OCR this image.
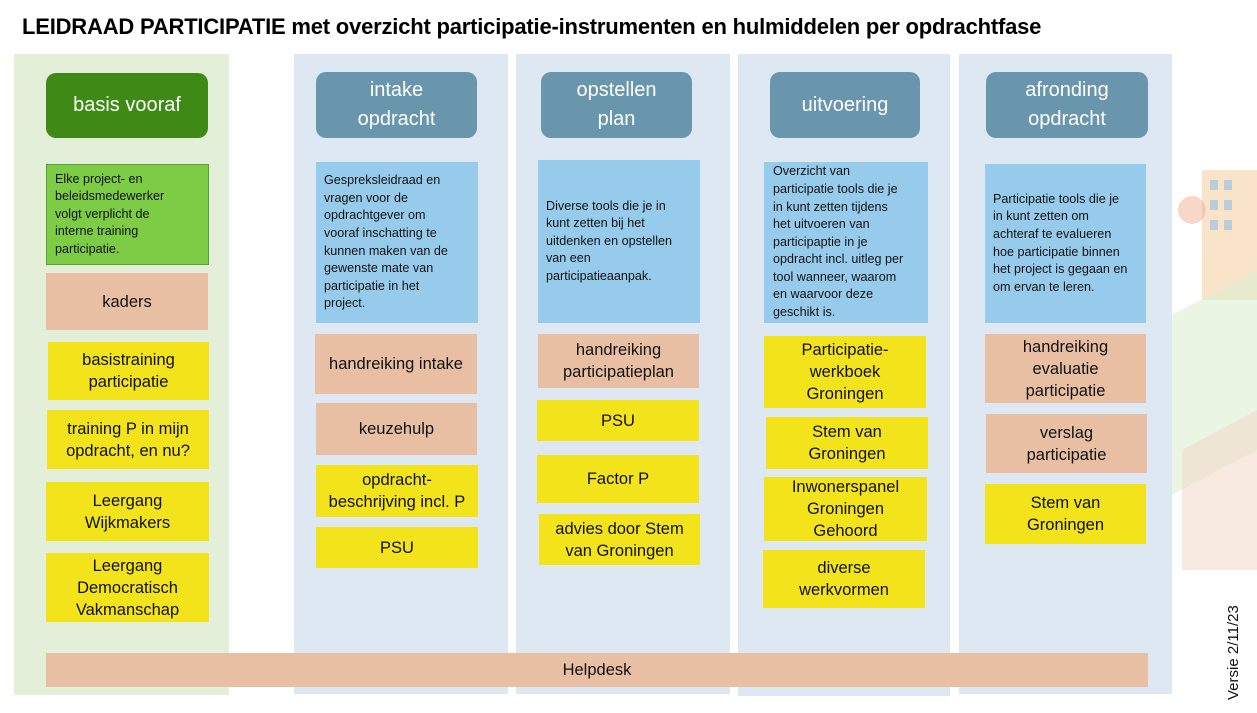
LEIDRAAD PARTICIPATIE met overzicht participatie-instrumenten en hulmiddelen per opdrachtfase
basis vooraf
Elke project- en
beleidsmedewerker
volgt verplicht de
interne training
participatie.
kaders
basistraining
participatie
training P in mijn
opdracht, en nu?
Leergang
Wijkmakers
Leergang
Democratisch
Vakmanschap
intake
opdracht
Gespreksleidraad en
vragen voor de
opdrachtgever om
vooraf inschatting te
kunnen maken van de
gewenste mate van
participatie in het
project.
handreiking intake
keuzehulp
opdracht-
beschrijving incl. P
PSU
opstellen
plan
Diverse tools die je in
kunt zetten bij het
uitdenken en opstellen
van een
participatieaanpak.
handreiking
participatieplan
PSU
Factor P
advies door Stem
van Groningen
uitvoering
Overzicht van
participatie tools die je
in kunt zetten tijdens
het uitvoeren van
participaptie in je
opdracht incl. uitleg per
tool wanneer, waarom
en waarvoor deze
geschikt is.
Participatie-
werkboek
Groningen
Stem van
Groningen
Inwonerspanel
Groningen
Gehoord
diverse
werkvormen
afronding
opdracht
Participatie tools die je
in kunt zetten om
achteraf te evalueren
hoe participatie binnen
het project is gegaan en
om ervan te leren.
handreiking
evaluatie
participatie
verslag
participatie
Stem van
Groningen
Helpdesk	Versie 2/11/23
